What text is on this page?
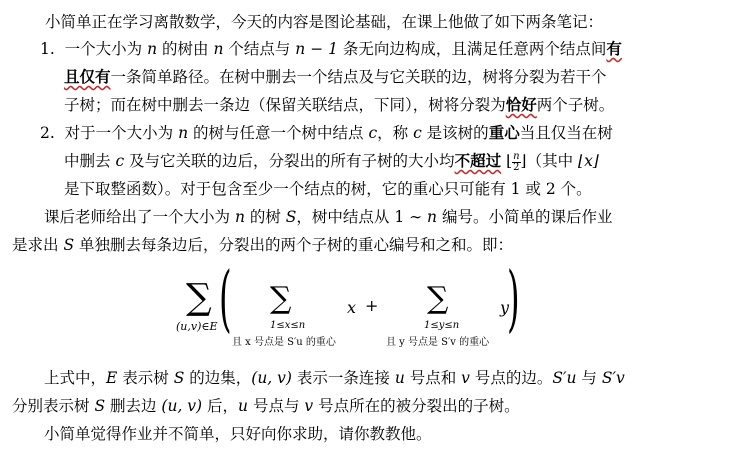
小简单正在学习离散数学，今天的内容是图论基础，在课上他做了如下两条笔记：
1. 一个大小为 n 的树由 n 个结点与 n − 1 条无向边构成，且满足任意两个结点间有
且仅有一条简单路径。在树中删去一个结点及与它关联的边，树将分裂为若干个
子树；而在树中删去一条边（保留关联结点，下同），树将分裂为恰好两个子树。
2. 对于一个大小为 n 的树与任意一个树中结点 c，称 c 是该树的重心当且仅当在树
中删去 c 及与它关联的边后，分裂出的所有子树的大小均不超过 ⌊ $\frac{n}{2}$ ⌋（其中 ⌊x⌋
是下取整函数）。对于包含至少一个结点的树，它的重心只可能有 1 或 2 个。
课后老师给出了一个大小为 n 的树 S，树中结点从 1 ∼ n 编号。小简单的课后作业
是求出 S 单独删去每条边后，分裂出的两个子树的重心编号和之和。即：
∑
(u,v)∈E ( ∑
1≤x≤n
且 x 号点是 S′u 的重心
x + ∑
1≤y≤n
且 y 号点是 S′v 的重心
y
)
上式中，E 表示树 S 的边集，(u, v) 表示一条连接 u 号点和 v 号点的边。S′u 与 S′v
分别表示树 S 删去边 (u, v) 后，u 号点与 v 号点所在的被分裂出的子树。
小简单觉得作业并不简单，只好向你求助，请你教教他。
